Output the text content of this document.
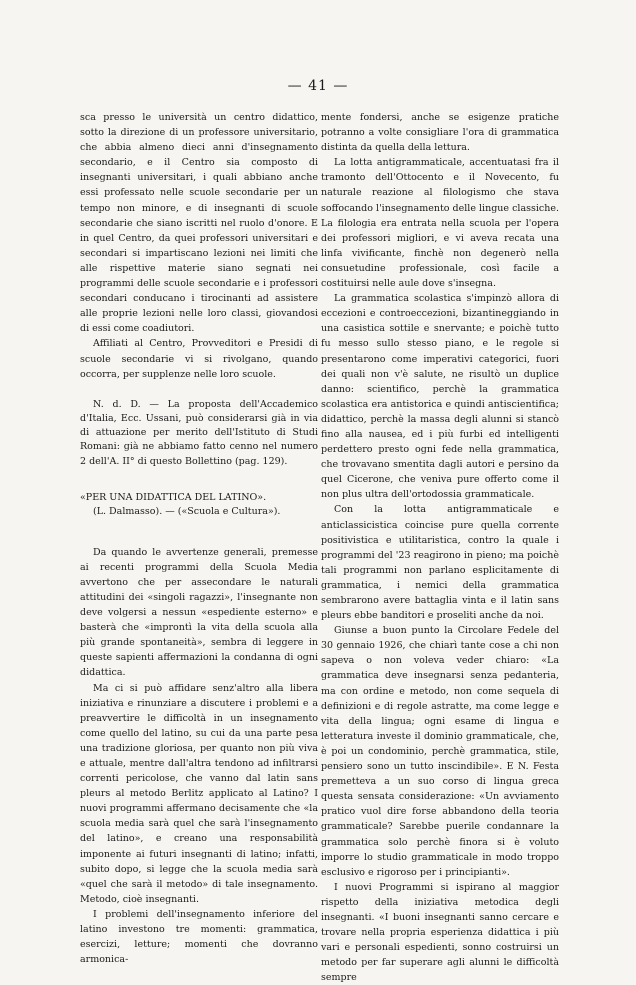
— 41 —

sca presso le università un centro didattico, sotto la direzione di un professore universitario, che abbia almeno dieci anni d'insegnamento secondario, e il Centro sia composto di insegnanti universitari, i quali abbiano anche essi professato nelle scuole secondarie per un tempo non minore, e di insegnanti di scuole secondarie che siano iscritti nel ruolo d'onore. E in quel Centro, da quei professori universitari e secondari si impartiscano lezioni nei limiti che alle rispettive materie siano segnati nei programmi delle scuole secondarie e i professori secondari conducano i tirocinanti ad assistere alle proprie lezioni nelle loro classi, giovandosi di essi come coadiutori.

Affiliati al Centro, Provveditori e Presidi di scuole secondarie vi si rivolgano, quando occorra, per supplenze nelle loro scuole.

N. d. D. — La proposta dell'Accademico d'Italia, Ecc. Ussani, può considerarsi già in via di attuazione per merito dell'Istituto di Studi Romani: già ne abbiamo fatto cenno nel numero 2 dell'A. II° di questo Bollettino (pag. 129).

«PER UNA DIDATTICA DEL LATINO».

(L. Dalmasso). — («Scuola e Cultura»).

Da quando le avvertenze generali, premesse ai recenti programmi della Scuola Media avvertono che per assecondare le naturali attitudini dei «singoli ragazzi», l'insegnante non deve volgersi a nessun «espediente esterno» e basterà che «improntì la vita della scuola alla più grande spontaneità», sembra di leggere in queste sapienti affermazioni la condanna di ogni didattica.

Ma ci si può affidare senz'altro alla libera iniziativa e rinunziare a discutere i problemi e a preavvertire le difficoltà in un insegnamento come quello del latino, su cui da una parte pesa una tradizione gloriosa, per quanto non più viva e attuale, mentre dall'altra tendono ad infiltrarsi correnti pericolose, che vanno dal latin sans pleurs al metodo Berlitz applicato al Latino? I nuovi programmi affermano decisamente che «la scuola media sarà quel che sarà l'insegnamento del latino», e creano una responsabilità imponente ai futuri insegnanti di latino; infatti, subito dopo, si legge che la scuola media sarà «quel che sarà il metodo» di tale insegnamento. Metodo, cioè insegnanti.

I problemi dell'insegnamento inferiore del latino investono tre momenti: grammatica, esercizi, letture; momenti che dovranno armonica-

mente fondersi, anche se esigenze pratiche potranno a volte consigliare l'ora di grammatica distinta da quella della lettura.

La lotta antigrammaticale, accentuatasi fra il tramonto dell'Ottocento e il Novecento, fu naturale reazione al filologismo che stava soffocando l'insegnamento delle lingue classiche. La filologia era entrata nella scuola per l'opera dei professori migliori, e vi aveva recata una linfa vivificante, finchè non degenerò nella consuetudine professionale, così facile a costituirsi nelle aule dove s'insegna.

La grammatica scolastica s'impinzò allora di eccezioni e controeccezioni, bizantineggiando in una casistica sottile e snervante; e poichè tutto fu messo sullo stesso piano, e le regole si presentarono come imperativi categorici, fuori dei quali non v'è salute, ne risultò un duplice danno: scientifico, perchè la grammatica scolastica era antistorica e quindi antiscientifica; didattico, perchè la massa degli alunni si stancò fino alla nausea, ed i più furbi ed intelligenti perdettero presto ogni fede nella grammatica, che trovavano smentita dagli autori e persino da quel Cicerone, che veniva pure offerto come il non plus ultra dell'ortodossia grammaticale.

Con la lotta antigrammaticale e anticlassicistica coincise pure quella corrente positivistica e utilitaristica, contro la quale i programmi del '23 reagirono in pieno; ma poichè tali programmi non parlano esplicitamente di grammatica, i nemici della grammatica sembrarono avere battaglia vinta e il latin sans pleurs ebbe banditori e proseliti anche da noi.

Giunse a buon punto la Circolare Fedele del 30 gennaio 1926, che chiarì tante cose a chi non sapeva o non voleva veder chiaro: «La grammatica deve insegnarsi senza pedanteria, ma con ordine e metodo, non come sequela di definizioni e di regole astratte, ma come legge e vita della lingua; ogni esame di lingua e letteratura investe il dominio grammaticale, che, è poi un condominio, perchè grammatica, stile, pensiero sono un tutto inscindibile». E N. Festa premetteva a un suo corso di lingua greca questa sensata considerazione: «Un avviamento pratico vuol dire forse abbandono della teoria grammaticale? Sarebbe puerile condannare la grammatica solo perchè finora si è voluto imporre lo studio grammaticale in modo troppo esclusivo e rigoroso per i principianti».

I nuovi Programmi si ispirano al maggior rispetto della iniziativa metodica degli insegnanti. «I buoni insegnanti sanno cercare e trovare nella propria esperienza didattica i più vari e personali espedienti, sonno costruirsi un metodo per far superare agli alunni le difficoltà sempre
